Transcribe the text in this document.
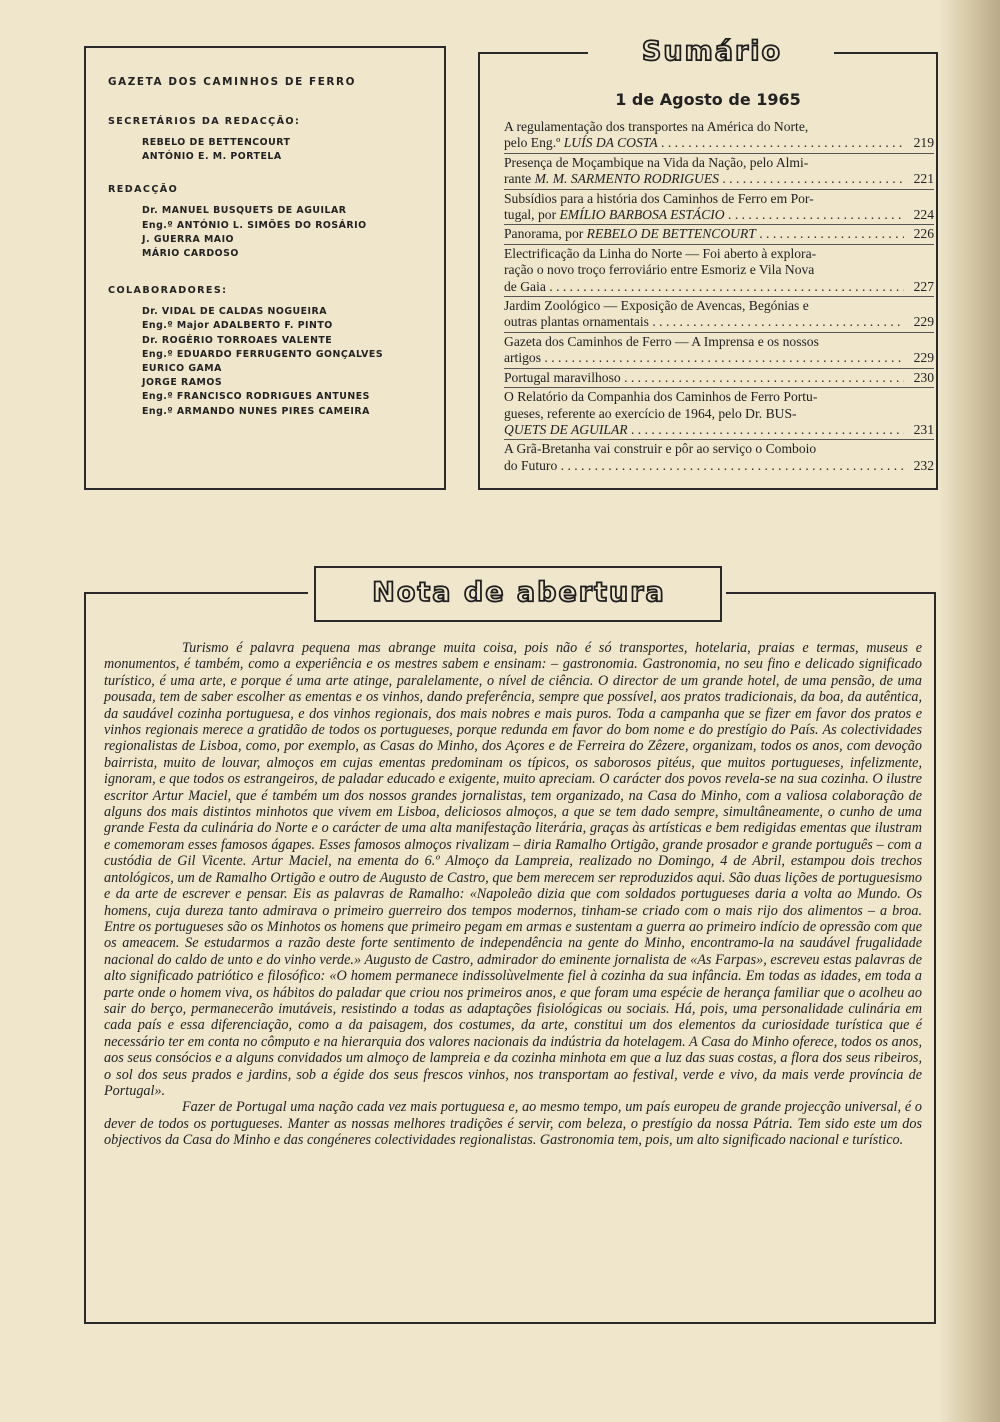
GAZETA DOS CAMINHOS DE FERRO
SECRETÁRIOS DA REDACÇÃO:
REBELO DE BETTENCOURT
ANTÓNIO E. M. PORTELA
REDACÇÃO
Dr. MANUEL BUSQUETS DE AGUILAR
Eng.º ANTÓNIO L. SIMÕES DO ROSÁRIO
J. GUERRA MAIO
MÁRIO CARDOSO
COLABORADORES:
Dr. VIDAL DE CALDAS NOGUEIRA
Eng.º Major ADALBERTO F. PINTO
Dr. ROGÉRIO TORROAES VALENTE
Eng.º EDUARDO FERRUGENTO GONÇALVES
EURICO GAMA
JORGE RAMOS
Eng.º FRANCISCO RODRIGUES ANTUNES
Eng.º ARMANDO NUNES PIRES CAMEIRA
Sumário
1 de Agosto de 1965
A regulamentação dos transportes na América do Norte,
pelo Eng.º LUÍS DA COSTA . . .	219
Presença de Moçambique na Vida da Nação, pelo Almi-
rante M. M. SARMENTO RODRIGUES . . .	221
Subsídios para a história dos Caminhos de Ferro em Por-
tugal, por EMÍLIO BARBOSA ESTÁCIO . . .	224
Panorama, por REBELO DE BETTENCOURT . . .	226
Electrificação da Linha do Norte — Foi aberto à explora-
ração o novo troço ferroviário entre Esmoriz e Vila Nova
de Gaia . . .	227
Jardim Zoológico — Exposição de Avencas, Begónias e
outras plantas ornamentais . . .	229
Gazeta dos Caminhos de Ferro — A Imprensa e os nossos
artigos . . .	229
Portugal maravilhoso . . .	230
O Relatório da Companhia dos Caminhos de Ferro Portu-
gueses, referente ao exercício de 1964, pelo Dr. BUS-
QUETS DE AGUILAR . . .	231
A Grã-Bretanha vai construir e pôr ao serviço o Comboio
do Futuro . . .	232
Nota de abertura

Turismo é palavra pequena mas abrange muita coisa, pois não é só transportes, hotelaria, praias e termas, museus e monumentos, é também, como a experiência e os mestres sabem e ensinam: – gastronomia. Gastronomia, no seu fino e delicado significado turístico, é uma arte, e porque é uma arte atinge, paralelamente, o nível de ciência. O director de um grande hotel, de uma pensão, de uma pousada, tem de saber escolher as ementas e os vinhos, dando preferência, sempre que possível, aos pratos tradicionais, da boa, da autêntica, da saudável cozinha portuguesa, e dos vinhos regionais, dos mais nobres e mais puros. Toda a campanha que se fizer em favor dos pratos e vinhos regionais merece a gratidão de todos os portugueses, porque redunda em favor do bom nome e do prestígio do País. As colectividades regionalistas de Lisboa, como, por exemplo, as Casas do Minho, dos Açores e de Ferreira do Zêzere, organizam, todos os anos, com devoção bairrista, muito de louvar, almoços em cujas ementas predominam os típicos, os saborosos pitéus, que muitos portugueses, infelizmente, ignoram, e que todos os estrangeiros, de paladar educado e exigente, muito apreciam. O carácter dos povos revela-se na sua cozinha. O ilustre escritor Artur Maciel, que é também um dos nossos grandes jornalistas, tem organizado, na Casa do Minho, com a valiosa colaboração de alguns dos mais distintos minhotos que vivem em Lisboa, deliciosos almoços, a que se tem dado sempre, simultâneamente, o cunho de uma grande Festa da culinária do Norte e o carácter de uma alta manifestação literária, graças às artísticas e bem redigidas ementas que ilustram e comemoram esses famosos ágapes. Esses famosos almoços rivalizam – diria Ramalho Ortigão, grande prosador e grande português – com a custódia de Gil Vicente. Artur Maciel, na ementa do 6.º Almoço da Lampreia, realizado no Domingo, 4 de Abril, estampou dois trechos antológicos, um de Ramalho Ortigão e outro de Augusto de Castro, que bem merecem ser reproduzidos aqui. São duas lições de portuguesismo e da arte de escrever e pensar. Eis as palavras de Ramalho: «Napoleão dizia que com soldados portugueses daria a volta ao Mundo. Os homens, cuja dureza tanto admirava o primeiro guerreiro dos tempos modernos, tinham-se criado com o mais rijo dos alimentos – a broa. Entre os portugueses são os Minhotos os homens que primeiro pegam em armas e sustentam a guerra ao primeiro indício de opressão com que os ameacem. Se estudarmos a razão deste forte sentimento de independência na gente do Minho, encontramo-la na saudável frugalidade nacional do caldo de unto e do vinho verde.» Augusto de Castro, admirador do eminente jornalista de «As Farpas», escreveu estas palavras de alto significado patriótico e filosófico: «O homem permanece indissolùvelmente fiel à cozinha da sua infância. Em todas as idades, em toda a parte onde o homem viva, os hábitos do paladar que criou nos primeiros anos, e que foram uma espécie de herança familiar que o acolheu ao sair do berço, permanecerão imutáveis, resistindo a todas as adaptações fisiológicas ou sociais. Há, pois, uma personalidade culinária em cada país e essa diferenciação, como a da paisagem, dos costumes, da arte, constitui um dos elementos da curiosidade turística que é necessário ter em conta no cômputo e na hierarquia dos valores nacionais da indústria da hotelagem. A Casa do Minho oferece, todos os anos, aos seus consócios e a alguns convidados um almoço de lampreia e da cozinha minhota em que a luz das suas costas, a flora dos seus ribeiros, o sol dos seus prados e jardins, sob a égide dos seus frescos vinhos, nos transportam ao festival, verde e vivo, da mais verde província de Portugal».

Fazer de Portugal uma nação cada vez mais portuguesa e, ao mesmo tempo, um país europeu de grande projecção universal, é o dever de todos os portugueses. Manter as nossas melhores tradições é servir, com beleza, o prestígio da nossa Pátria. Tem sido este um dos objectivos da Casa do Minho e das congéneres colectividades regionalistas. Gastronomia tem, pois, um alto significado nacional e turístico.
